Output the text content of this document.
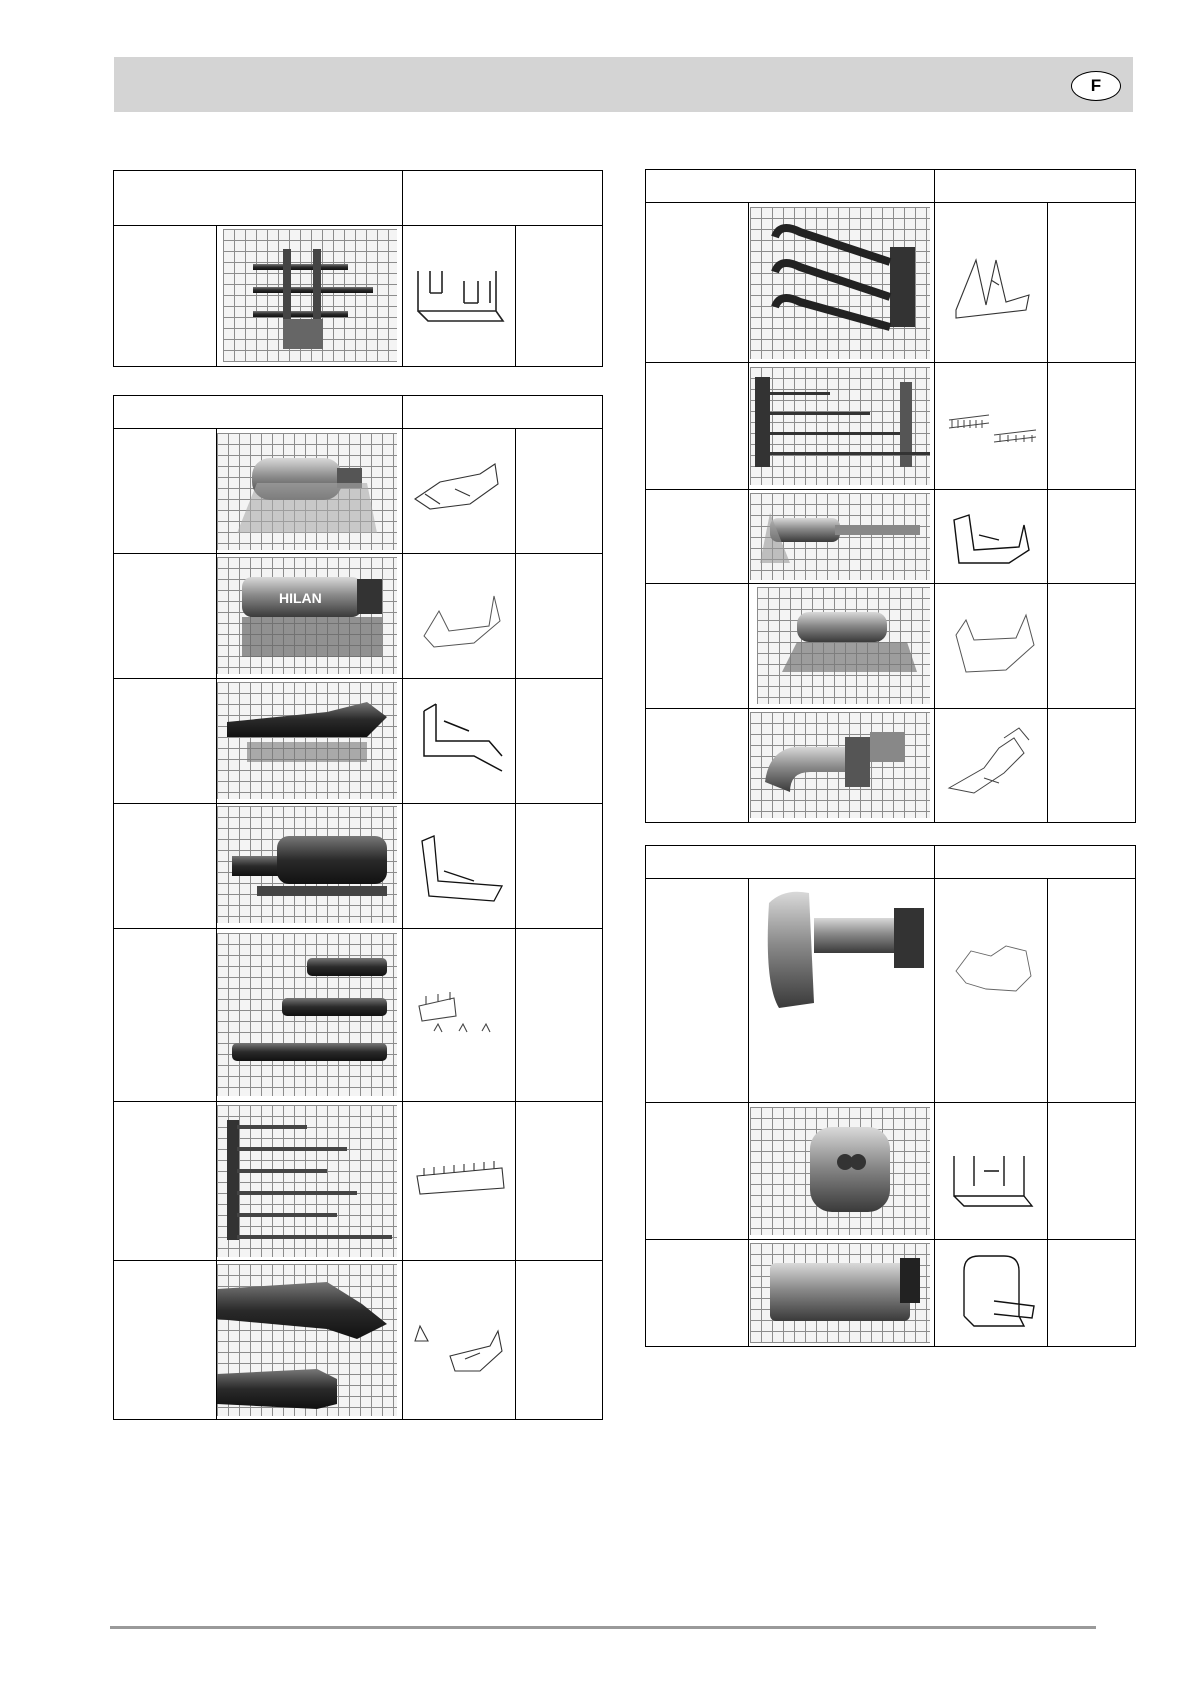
F
HILAN
